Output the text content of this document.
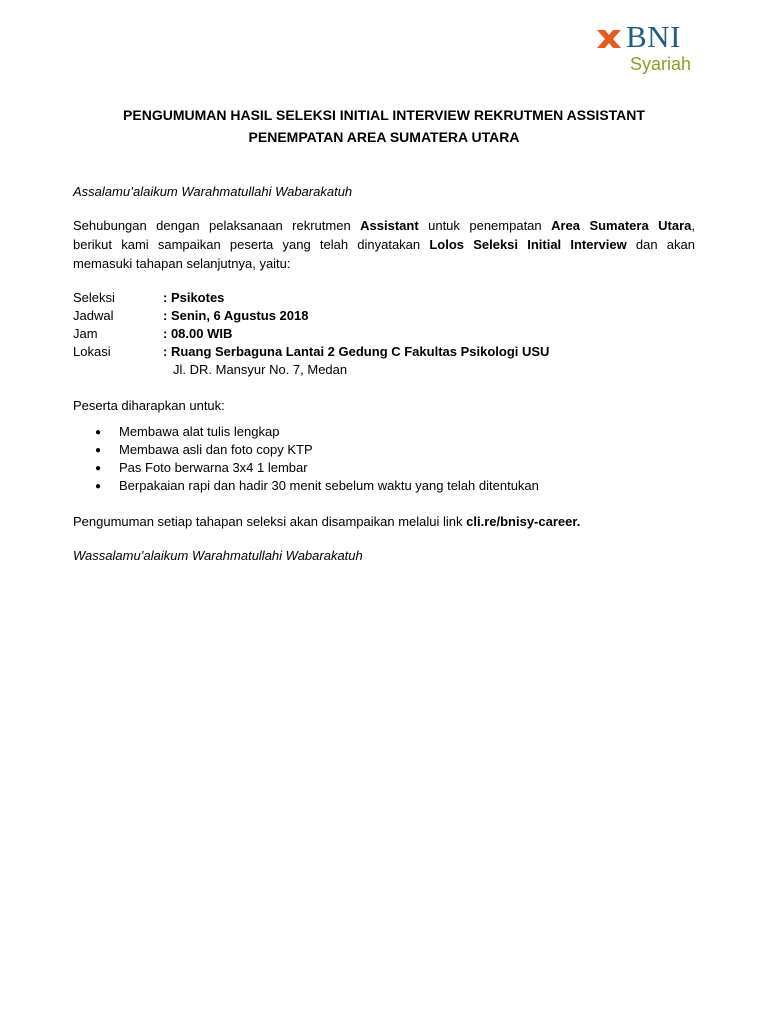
BNI
Syariah
PENGUMUMAN HASIL SELEKSI INITIAL INTERVIEW REKRUTMEN ASSISTANT
PENEMPATAN AREA SUMATERA UTARA
Assalamu’alaikum Warahmatullahi Wabarakatuh
Sehubungan dengan pelaksanaan rekrutmen Assistant untuk penempatan Area Sumatera Utara,
berikut kami sampaikan peserta yang telah dinyatakan Lolos Seleksi Initial Interview dan akan
memasuki tahapan selanjutnya, yaitu:
Seleksi	: Psikotes
Jadwal	: Senin, 6 Agustus 2018
Jam	: 08.00 WIB
Lokasi	: Ruang Serbaguna Lantai 2 Gedung C Fakultas Psikologi USU
Jl. DR. Mansyur No. 7, Medan
Peserta diharapkan untuk:
● Membawa alat tulis lengkap
● Membawa asli dan foto copy KTP
● Pas Foto berwarna 3x4 1 lembar
● Berpakaian rapi dan hadir 30 menit sebelum waktu yang telah ditentukan
Pengumuman setiap tahapan seleksi akan disampaikan melalui link cli.re/bnisy-career.
Wassalamu’alaikum Warahmatullahi Wabarakatuh
